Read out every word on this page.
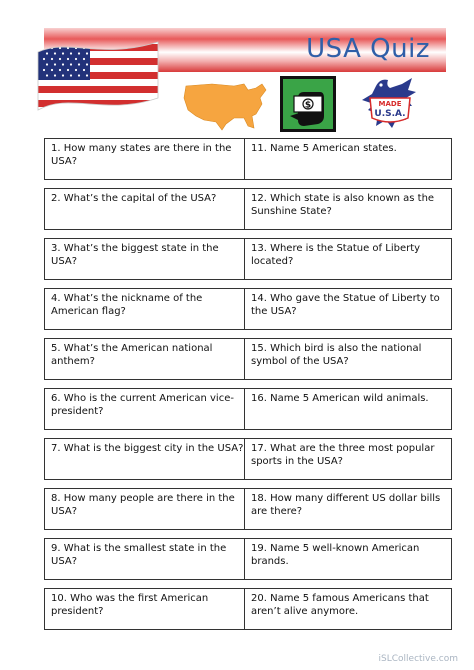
USA Quiz
$	MADE
U.S.A.
1. How many states are there in the USA?
2. What’s the capital of the USA?
3. What’s the biggest state in the USA?
4. What’s the nickname of the American flag?
5. What’s the American national anthem?
6. Who is the current American vice-president?
7. What is the biggest city in the USA?
8. How many people are there in the USA?
9. What is the smallest state in the USA?
10. Who was the first American president?
11. Name 5 American states.
12. Which state is also known as the Sunshine State?
13. Where is the Statue of Liberty located?
14. Who gave the Statue of Liberty to the USA?
15. Which bird is also the national symbol of the USA?
16. Name 5 American wild animals.
17. What are the three most popular sports in the USA?
18. How many different US dollar bills are there?
19. Name 5 well-known American brands.
20. Name 5 famous Americans that aren’t alive anymore.
iSLCollective.com
